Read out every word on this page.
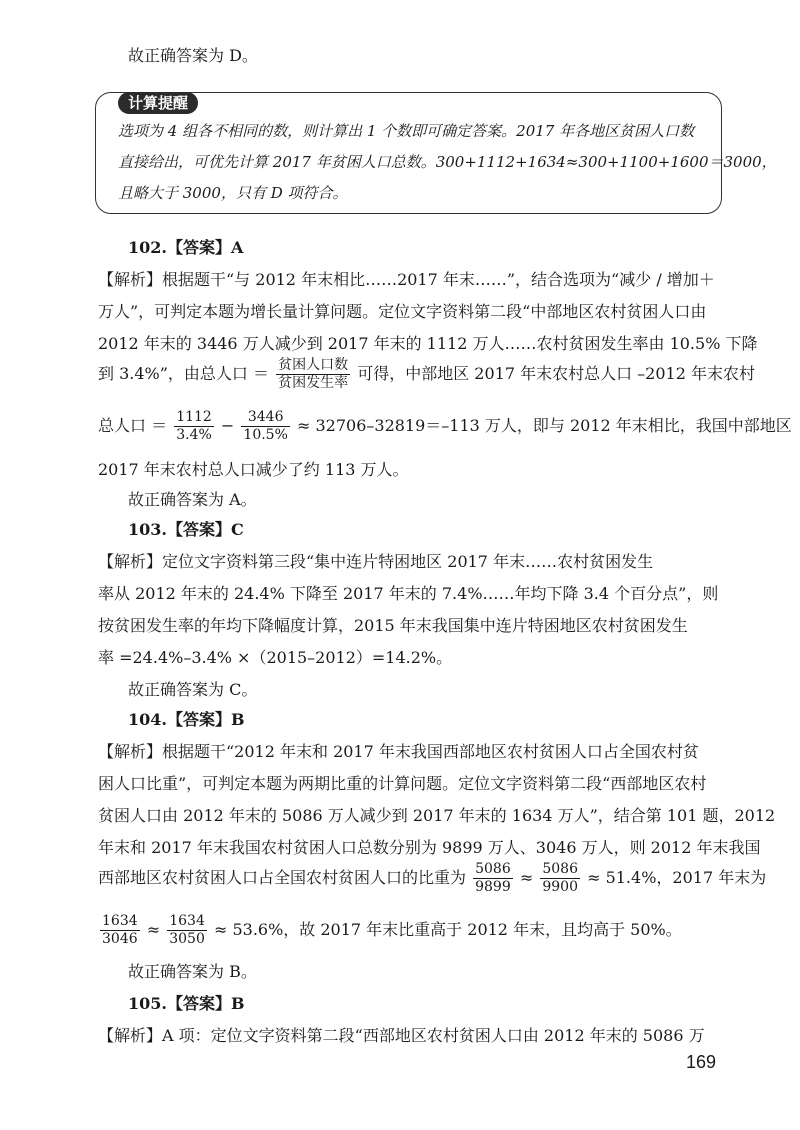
故正确答案为 D。
计算提醒
选项为 4 组各不相同的数，则计算出 1 个数即可确定答案。2017 年各地区贫困人口数
直接给出，可优先计算 2017 年贫困人口总数。300+1112+1634≈300+1100+1600＝3000，
且略大于 3000，只有 D 项符合。
102.【答案】A
【解析】根据题干“与 2012 年末相比……2017 年末……”，结合选项为“减少 / 增加＋
万人”，可判定本题为增长量计算问题。定位文字资料第二段“中部地区农村贫困人口由
2012 年末的 3446 万人减少到 2017 年末的 1112 万人……农村贫困发生率由 10.5% 下降
到 3.4%”，由总人口 ＝ $\frac{\text{贫困人口数}}{\text{贫困发生率}}$ 可得，中部地区 2017 年末农村总人口 –2012 年末农村
总人口 ＝ $\frac{1112}{3.4\%} - \frac{3446}{10.5\%} \approx 32706-32819=-113$ 万人，即与 2012 年末相比，我国中部地区
2017 年末农村总人口减少了约 113 万人。
故正确答案为 A。
103.【答案】C
【解析】定位文字资料第三段“集中连片特困地区 2017 年末……农村贫困发生
率从 2012 年末的 24.4% 下降至 2017 年末的 7.4%……年均下降 3.4 个百分点”，则
按贫困发生率的年均下降幅度计算，2015 年末我国集中连片特困地区农村贫困发生
率 =24.4%–3.4% ×（2015–2012）=14.2%。
故正确答案为 C。
104.【答案】B
【解析】根据题干“2012 年末和 2017 年末我国西部地区农村贫困人口占全国农村贫
困人口比重”，可判定本题为两期比重的计算问题。定位文字资料第二段“西部地区农村
贫困人口由 2012 年末的 5086 万人减少到 2017 年末的 1634 万人”，结合第 101 题，2012
年末和 2017 年末我国农村贫困人口总数分别为 9899 万人、3046 万人，则 2012 年末我国
西部地区农村贫困人口占全国农村贫困人口的比重为 $\frac{5086}{9899} \approx \frac{5086}{9900} \approx 51.4\%$，2017 年末为
$\frac{1634}{3046} \approx \frac{1634}{3050} \approx 53.6\%$，故 2017 年末比重高于 2012 年末，且均高于 50%。
故正确答案为 B。
105.【答案】B
【解析】A 项：定位文字资料第二段“西部地区农村贫困人口由 2012 年末的 5086 万
169
